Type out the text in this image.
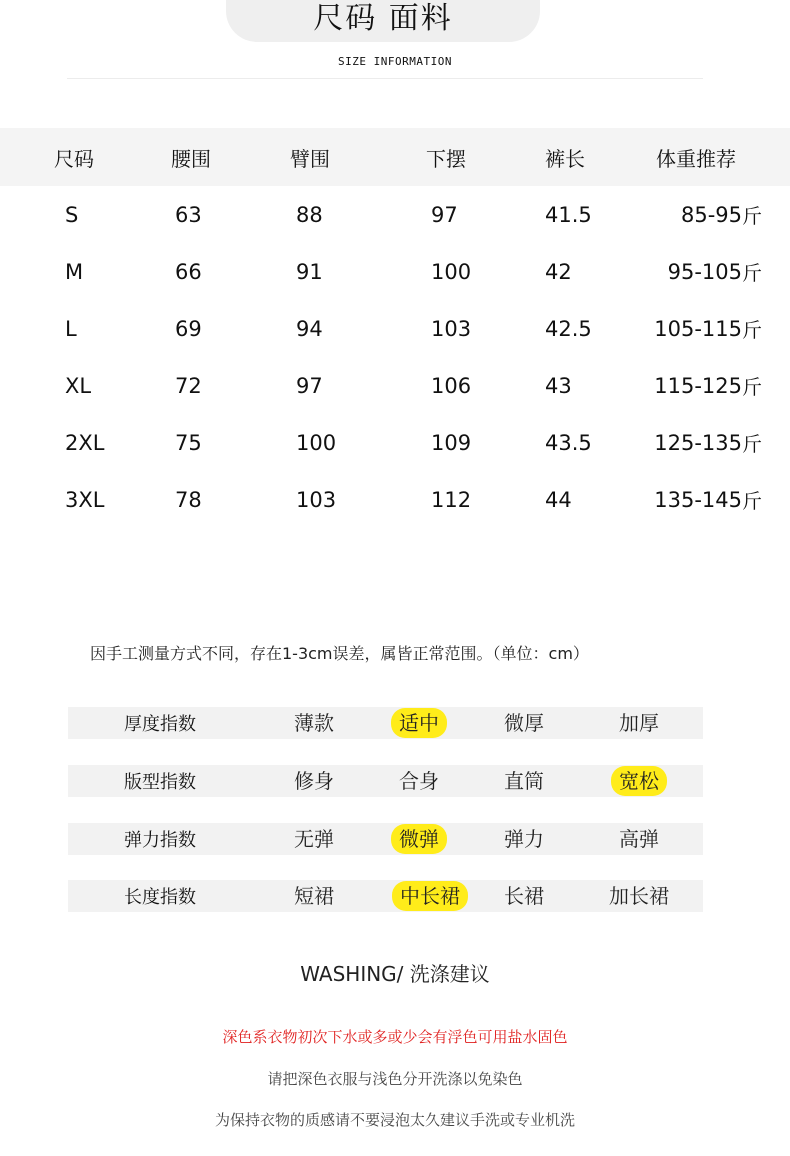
尺码 面料
SIZE INFORMATION
尺码	腰围	臂围	下摆	裤长	体重推荐
S	63	88	97	41.5	85-95 斤
M	66	91	100	42	95-105 斤
L	69	94	103	42.5	105-115 斤
XL	72	97	106	43	115-125 斤
2XL	75	100	109	43.5	125-135 斤
3XL	78	103	112	44	135-145 斤
因手工测量方式不同，存在1-3cm误差，属皆正常范围。（单位：cm）
厚度指数	薄款	适中	微厚	加厚
版型指数	修身	合身	直筒	宽松
弹力指数	无弹	微弹	弹力	高弹
长度指数	短裙	中长裙	长裙	加长裙
WASHING/ 洗涤建议
深色系衣物初次下水或多或少会有浮色可用盐水固色
请把深色衣服与浅色分开洗涤以免染色
为保持衣物的质感请不要浸泡太久建议手洗或专业机洗
